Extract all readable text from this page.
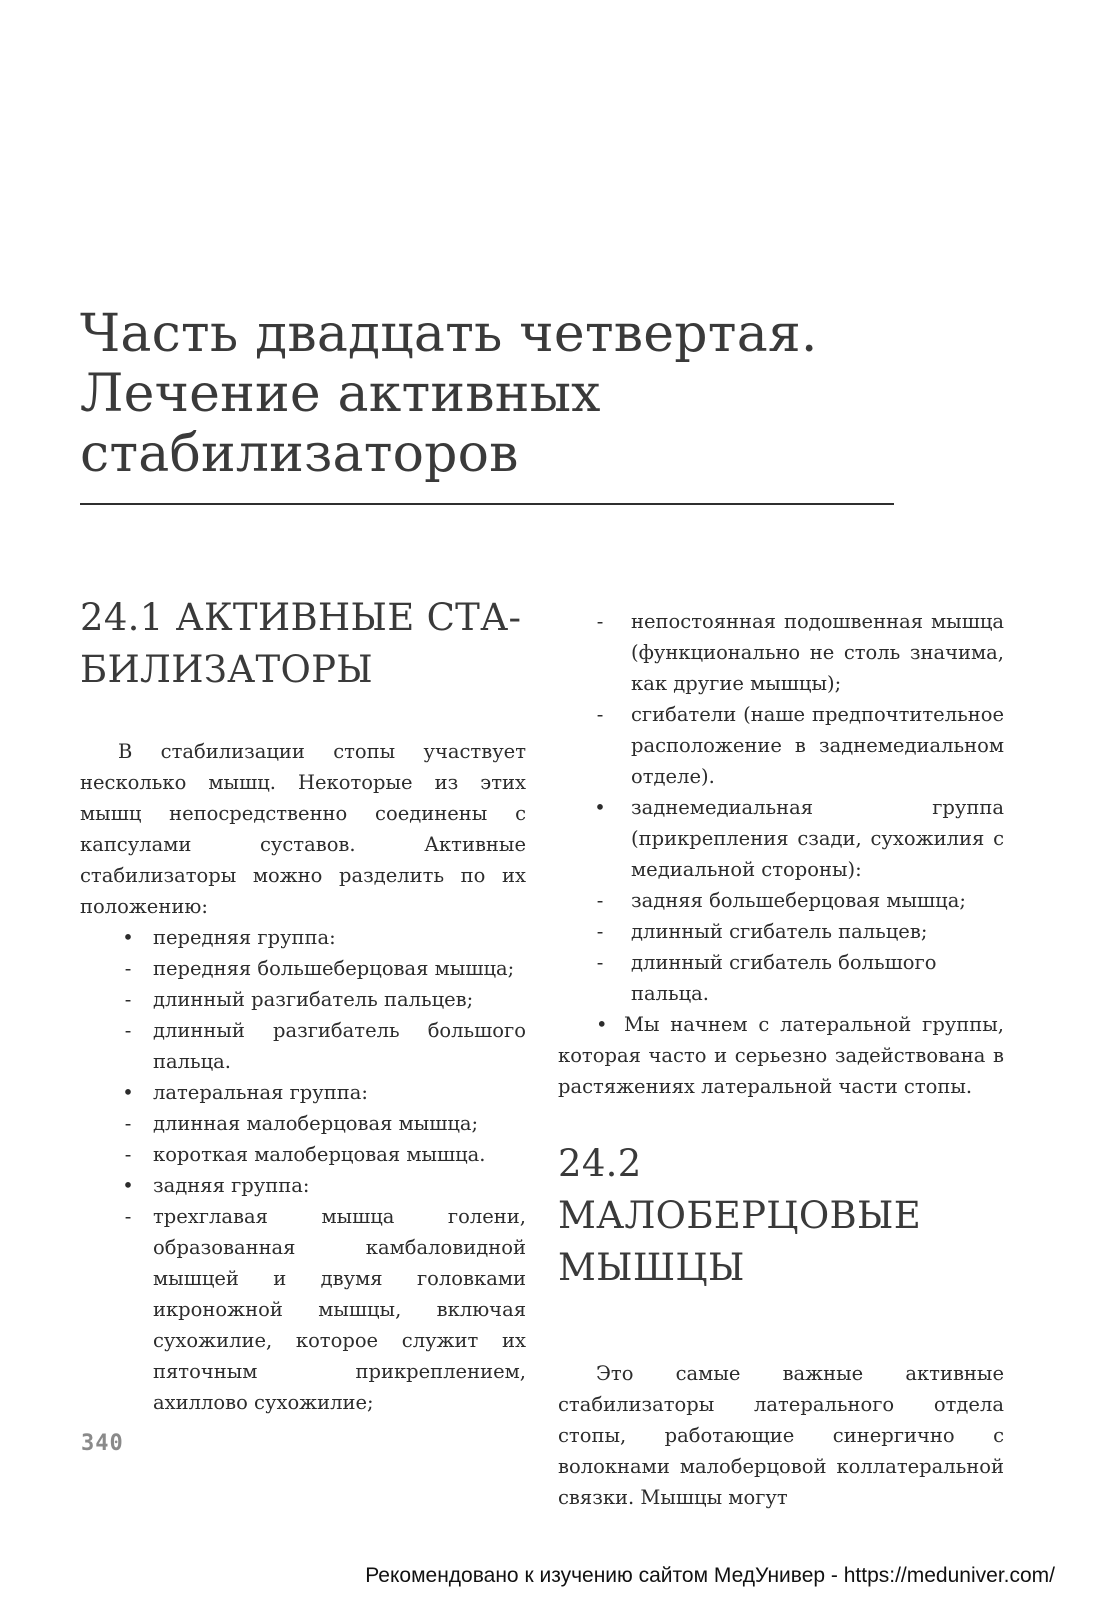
Часть двадцать четвертая.
Лечение активных
стабилизаторов
24.1 АКТИВНЫЕ СТА-
БИЛИЗАТОРЫ

В стабилизации стопы участвует несколько мышц. Некоторые из этих мышц непосредственно соединены с капсулами суставов. Активные стабилизаторы можно разделить по их положению:

• передняя группа:
-	передняя большеберцовая мышца;
-	длинный разгибатель пальцев;
-	длинный разгибатель большого пальца.
• латеральная группа:
-	длинная малоберцовая мышца;
-	короткая малоберцовая мышца.
• задняя группа:
-	трехглавая мышца голени, образованная камбаловидной мышцей и двумя головками икроножной мышцы, включая сухожилие, которое служит их пяточным прикреплением, ахиллово сухожилие;
-	непостоянная подошвенная мышца (функционально не столь значима, как другие мышцы);
-	сгибатели (наше предпочтительное расположение в заднемедиальном отделе).
• заднемедиальная группа (прикрепления сзади, сухожилия с медиальной стороны):
-	задняя большеберцовая мышца;
-	длинный сгибатель пальцев;
-	длинный сгибатель большого пальца.

• Мы начнем с латеральной группы, которая часто и серьезно задействована в растяжениях латеральной части стопы.

24.2 МАЛОБЕРЦОВЫЕ
МЫШЦЫ

Это самые важные активные стабилизаторы латерального отдела стопы, работающие синергично с волокнами малоберцовой коллатеральной связки. Мышцы могут

340
Рекомендовано к изучению сайтом МедУнивер - https://meduniver.com/
